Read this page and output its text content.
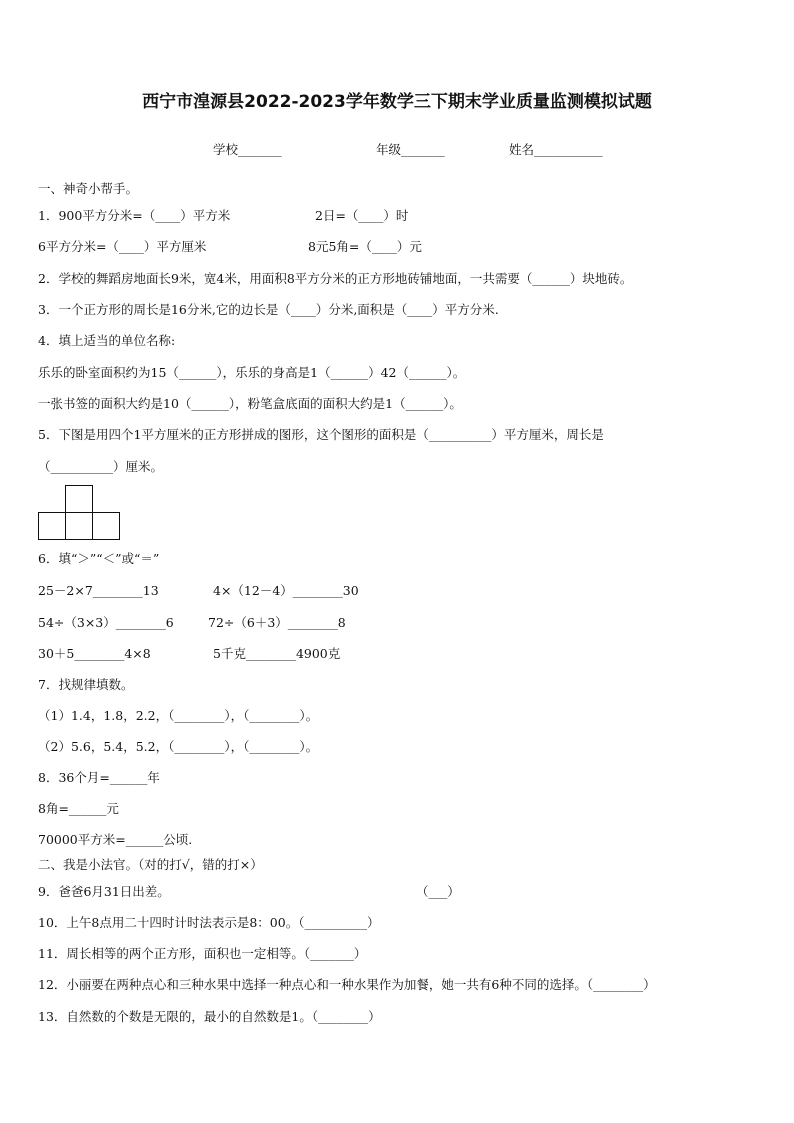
西宁市湟源县2022-2023学年数学三下期末学业质量监测模拟试题
学校_______	年级_______	姓名___________
一、神奇小帮手。
1．900平方分米=（____）平方米	2日=（____）时
6平方分米=（____）平方厘米	8元5角=（____）元
2．学校的舞蹈房地面长9米，宽4米，用面积8平方分米的正方形地砖铺地面，一共需要（______）块地砖。
3．一个正方形的周长是16分米,它的边长是（____）分米,面积是（____）平方分米.
4．填上适当的单位名称:
乐乐的卧室面积约为15（______），乐乐的身高是1（______）42（______）。
一张书签的面积大约是10（______），粉笔盒底面的面积大约是1（______）。
5．下图是用四个1平方厘米的正方形拼成的图形，这个图形的面积是（__________）平方厘米，周长是
（__________）厘米。
6．填“＞”“＜”或“＝”
25－2×7________13	4×（12－4）________30
54÷（3×3）________6	72÷（6＋3）________8
30＋5________4×8	5千克________4900克
7．找规律填数。
（1）1.4，1.8，2.2，（________），（________）。
（2）5.6，5.4，5.2，（________），（________）。
8．36个月=______年
8角=______元
70000平方米=______公顷.
二、我是小法官。（对的打√，错的打×）
9．爸爸6月31日出差。	（___）
10．上午8点用二十四时计时法表示是8：00。（__________）
11．周长相等的两个正方形，面积也一定相等。（_______）
12．小丽要在两种点心和三种水果中选择一种点心和一种水果作为加餐，她一共有6种不同的选择。（________）
13．自然数的个数是无限的，最小的自然数是1。（________）
